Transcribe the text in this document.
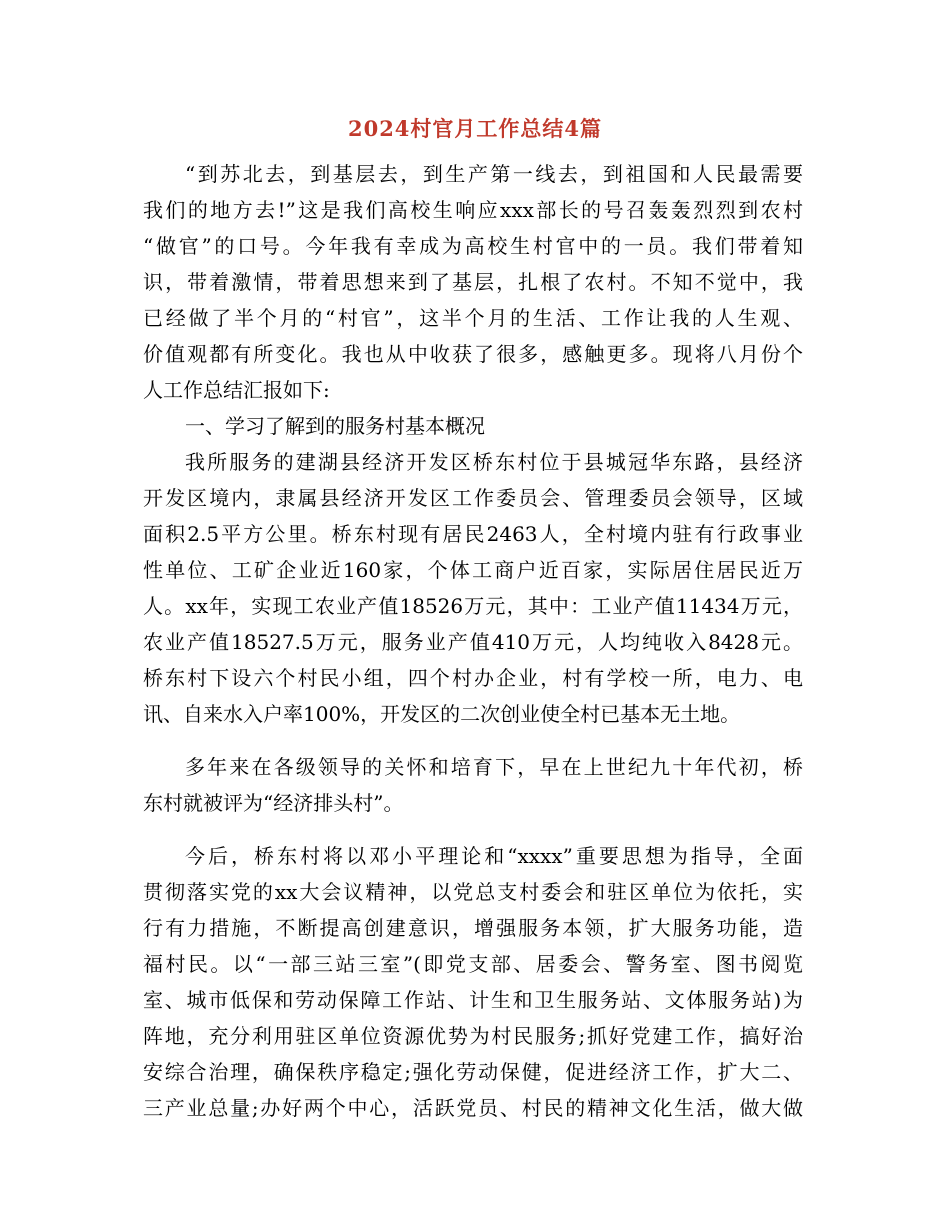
2024村官月工作总结4篇
“到苏北去，到基层去，到生产第一线去，到祖国和人民最需要
我们的地方去!”这是我们高校生响应xxx部长的号召轰轰烈烈到农村
“做官”的口号。今年我有幸成为高校生村官中的一员。我们带着知
识，带着激情，带着思想来到了基层，扎根了农村。不知不觉中，我
已经做了半个月的“村官”，这半个月的生活、工作让我的人生观、
价值观都有所变化。我也从中收获了很多，感触更多。现将八月份个
人工作总结汇报如下:
一、学习了解到的服务村基本概况
我所服务的建湖县经济开发区桥东村位于县城冠华东路，县经济
开发区境内，隶属县经济开发区工作委员会、管理委员会领导，区域
面积2.5平方公里。桥东村现有居民2463人，全村境内驻有行政事业
性单位、工矿企业近160家，个体工商户近百家，实际居住居民近万
人。xx年，实现工农业产值18526万元，其中：工业产值11434万元，
农业产值18527.5万元，服务业产值410万元，人均纯收入8428元。
桥东村下设六个村民小组，四个村办企业，村有学校一所，电力、电
讯、自来水入户率100%，开发区的二次创业使全村已基本无土地。
多年来在各级领导的关怀和培育下，早在上世纪九十年代初，桥
东村就被评为“经济排头村”。
今后，桥东村将以邓小平理论和“xxxx”重要思想为指导，全面
贯彻落实党的xx大会议精神，以党总支村委会和驻区单位为依托，实
行有力措施，不断提高创建意识，增强服务本领，扩大服务功能，造
福村民。以“一部三站三室”(即党支部、居委会、警务室、图书阅览
室、城市低保和劳动保障工作站、计生和卫生服务站、文体服务站)为
阵地，充分利用驻区单位资源优势为村民服务;抓好党建工作，搞好治
安综合治理，确保秩序稳定;强化劳动保健，促进经济工作，扩大二、
三产业总量;办好两个中心，活跃党员、村民的精神文化生活，做大做
